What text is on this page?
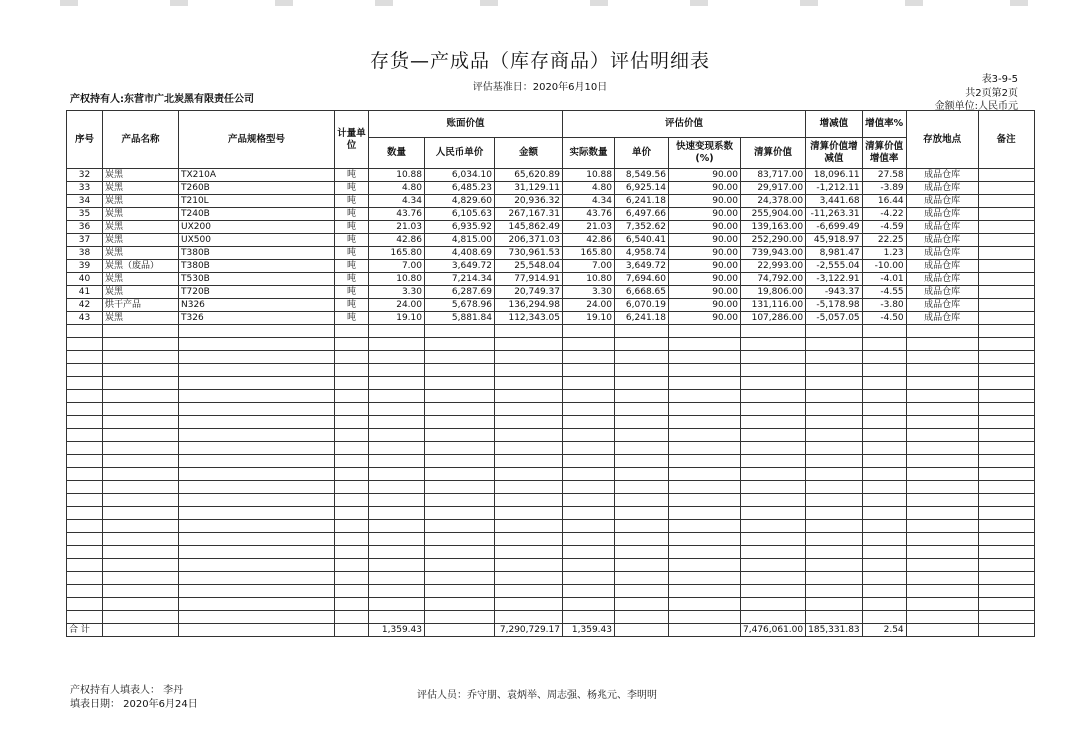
存货—产成品（库存商品）评估明细表
评估基准日：2020年6月10日
表3-9-5
共2页第2页
金额单位:人民币元
产权持有人:东营市广北炭黑有限责任公司
序号	产品名称	产品规格型号	计量单位	账面价值			评估价值				增减值	增值率%	存放地点	备注
				数量	人民币单价	金额	实际数量	单价	快速变现系数(%)	清算价值	清算价值增减值	清算价值增值率		
32	炭黑	TX210A	吨	10.88	6,034.10	65,620.89	10.88	8,549.56	90.00	83,717.00	18,096.11	27.58	成品仓库	
33	炭黑	T260B	吨	4.80	6,485.23	31,129.11	4.80	6,925.14	90.00	29,917.00	-1,212.11	-3.89	成品仓库	
34	炭黑	T210L	吨	4.34	4,829.60	20,936.32	4.34	6,241.18	90.00	24,378.00	3,441.68	16.44	成品仓库	
35	炭黑	T240B	吨	43.76	6,105.63	267,167.31	43.76	6,497.66	90.00	255,904.00	-11,263.31	-4.22	成品仓库	
36	炭黑	UX200	吨	21.03	6,935.92	145,862.49	21.03	7,352.62	90.00	139,163.00	-6,699.49	-4.59	成品仓库	
37	炭黑	UX500	吨	42.86	4,815.00	206,371.03	42.86	6,540.41	90.00	252,290.00	45,918.97	22.25	成品仓库	
38	炭黑	T380B	吨	165.80	4,408.69	730,961.53	165.80	4,958.74	90.00	739,943.00	8,981.47	1.23	成品仓库	
39	炭黑（废品）	T380B	吨	7.00	3,649.72	25,548.04	7.00	3,649.72	90.00	22,993.00	-2,555.04	-10.00	成品仓库	
40	炭黑	T530B	吨	10.80	7,214.34	77,914.91	10.80	7,694.60	90.00	74,792.00	-3,122.91	-4.01	成品仓库	
41	炭黑	T720B	吨	3.30	6,287.69	20,749.37	3.30	6,668.65	90.00	19,806.00	-943.37	-4.55	成品仓库	
42	烘干产品	N326	吨	24.00	5,678.96	136,294.98	24.00	6,070.19	90.00	131,116.00	-5,178.98	-3.80	成品仓库	
43	炭黑	T326	吨	19.10	5,881.84	112,343.05	19.10	6,241.18	90.00	107,286.00	-5,057.05	-4.50	成品仓库	

合 计				1,359.43		7,290,729.17	1,359.43			7,476,061.00	185,331.83	2.54		
产权持有人填表人： 李丹
填表日期： 2020年6月24日
评估人员：乔守朋、袁炳举、周志强、杨兆元、李明明
